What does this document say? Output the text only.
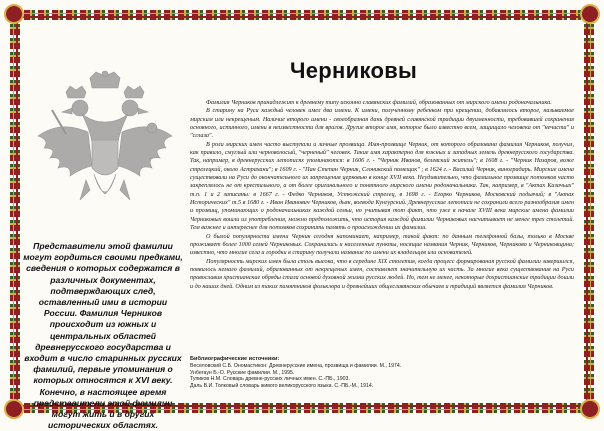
Черниковы
Представители этой фамилии могут гордиться своими предками, сведения о которых содержатся в различных документах, подтверждающих след, оставленный ими в истории России. Фамилия Черников происходит из южных и центральных областей древнерусского государства и входит в число старинных русских фамилий, первые упоминания о которых относятся к XVI веку. Конечно, в настоящее время представители этой фамилии могут жить и в других исторических областях.

Фамилия Черников принадлежит к древнему типу исконно славянских фамилий, образованных от мирского имени родоначальника.

В старину на Руси каждый человек имел два имени. К имени, полученному ребенком при крещении, добавлялось второе, называемое мирским или некрещеным. Наличие второго имени - своеобразная дань древней славянской традиции двуименности, требовавшей сохранения основного, истинного, имени в неизвестности для врагов. Другие второе имя, которое было известно всем, защищало человека от "нечисти" и "сглаза".

В роли мирских имен часто выступали и личные прозвища. Имя-прозвище Черник, от которого образована фамилия Черников, получил, как правило, смуглый или черноволосый, "черненый" человек. Такие имя характерно для южных и западных земель древнерусского государства. Так, например, в древнерусских летописях упоминаются: в 1606 г. - "Черник Иванов, белевский житель"; в 1608 г. - "Черник Назаров, воже стрелецкий, около Астрахани"; в 1609 г. - "Пан Степан Черник, Слоникский помещик" ; в 1624 г. - Василий Черник, виноградарь. Мирские имена существовали на Руси до окончательного их запрещения церковью в конце XVII века. Неудивительно, что фамильное прозвище потомков часто закреплялось не от крестильного, а от более оригинального и понятного мирского имени родоначальника. Так, например, в "Актах Казачьих" т.п. 1 и 2 записаны: в 1667 г. - Федко Черников, Устюжский стрелец, в 1698 г. - Егорко Черников, Московский подьячий; в "Актах Исторических" т.5 в 1680 г. - Иван Иванович Черников, дьяк, воевода Кунгурский. Древнерусские летописи не сохранили всего разнообразия имен и прозвищ, упоминающих о родоначальниках каждой семьи, но учитывая тот факт, что уже в начале XVIII века мирские имена фамилии Черниковых вошли из употребления, можно предположить, что история каждой фамилии Черниковых насчитывает не менее трех столетий. Тем важнее и интереснее для потомков сохранить память о происхождении их фамилии.

О былой популярности имени Черник сегодня напоминает, например, такой факт: по данным телефонной базы, только в Москве проживает более 1000 семей Черниковых. Сохранились и населенные пункты, носящие названия Черник, Черников, Черниково и Черниковщина; известно, что многие села и городки в старину получали название по имени их владельцев или основателей.

Популярность мирских имен была столь высока, что в середине XIX столетия, когда процесс формирования русской фамилии завершился, появилось немало фамилий, образованных от некрещеных имен, составляет значительную их часть. За многие века существования на Руси православия христианские обряды стали основой духовной жизни русских людей. Но, тем не менее, некоторые дохристианские традиции дошли и до наших дней. Одним из таких памятников фольклора и древнейших общеславянских обычаев и традиций является фамилия Черников.

Библиографические источники:
Веселовский С.Б. Ономастикон: Древнерусские имена, прозвища и фамилии. М., 1974.
Унбегаун Б.-О. Русские фамилии. М., 1995.
Тупиков Н.М. Словарь древне-русских личных имен. С.-ПБ., 1903.
Даль В.И. Толковый словарь живого великорусского языка. С.-ПБ.-М., 1914.
